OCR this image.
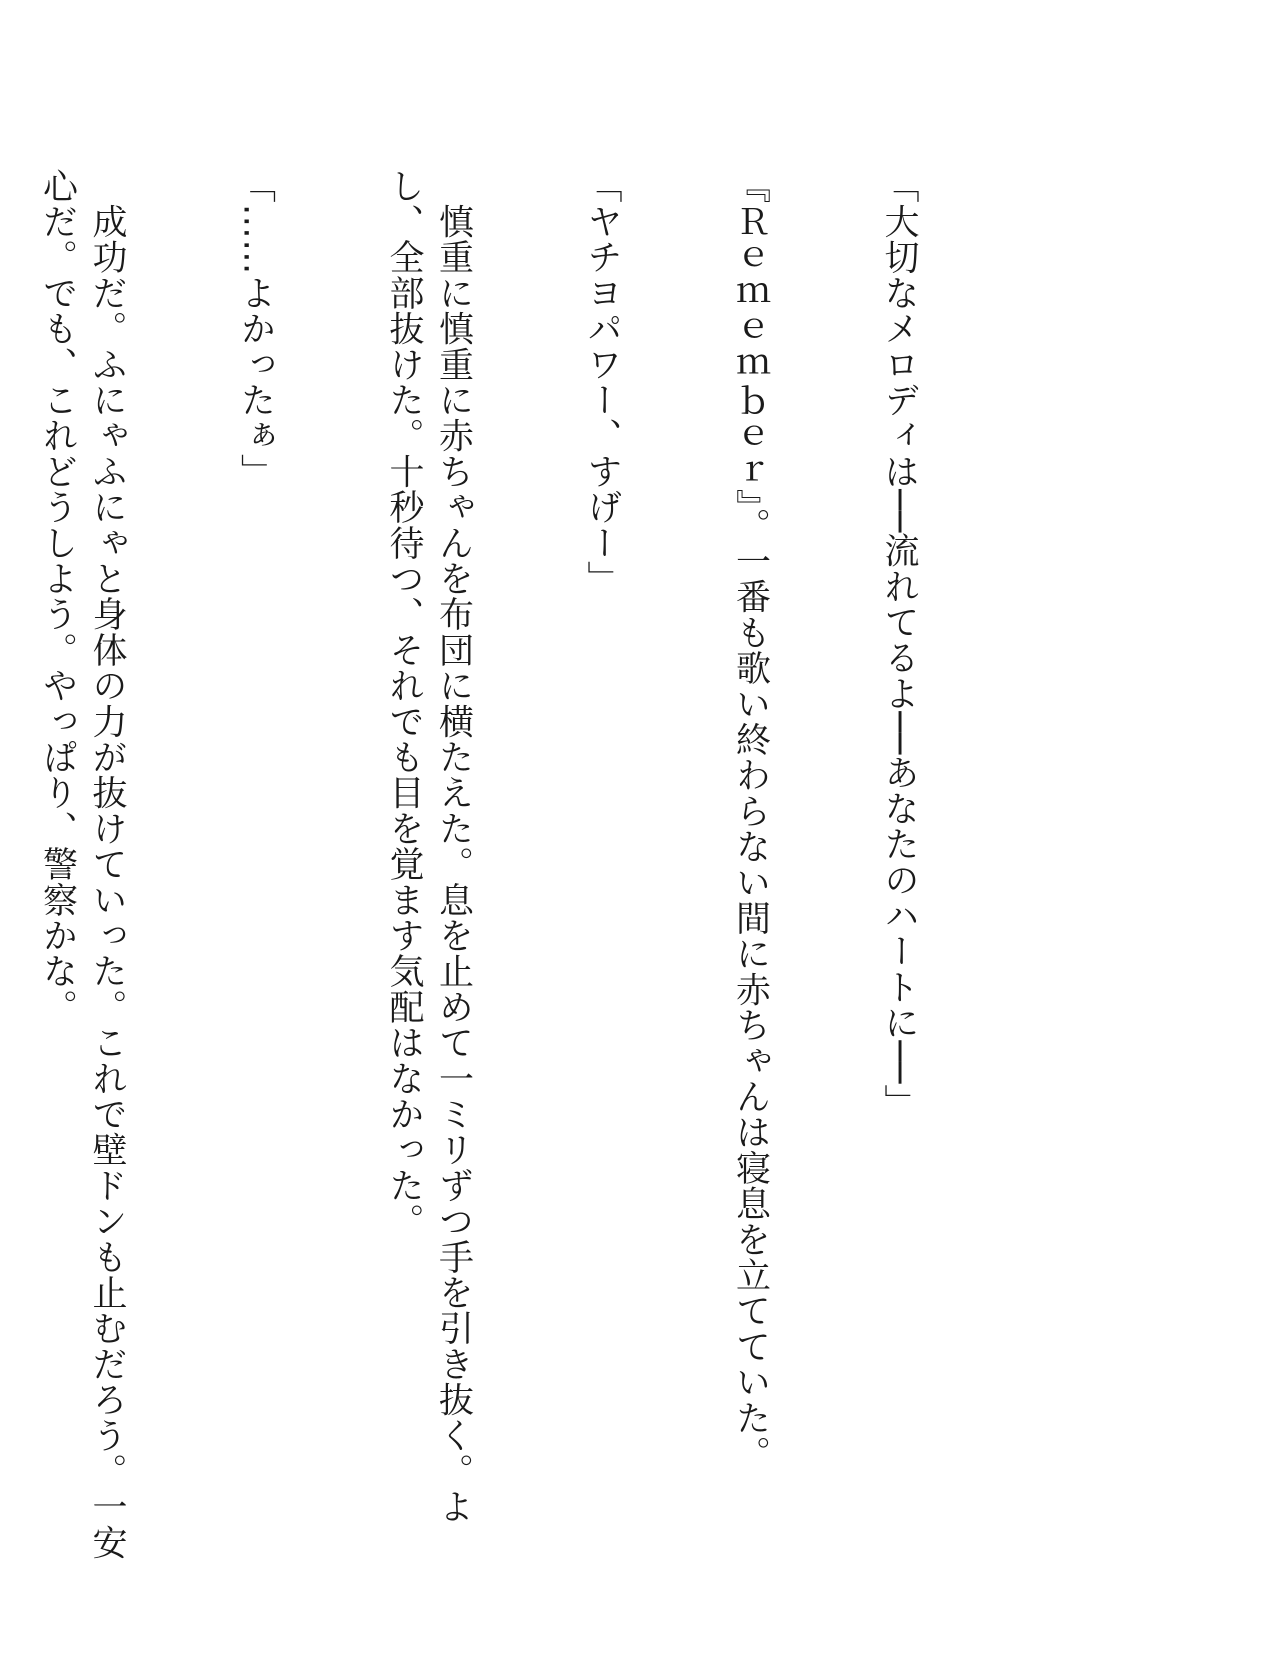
「大切なメロディは──流れてるよ──あなたのハートに──」

『Ｒｅｍｅｍｂｅｒ』。一番も歌い終わらない間に赤ちゃんは寝息を立てていた。

「ヤチヨパワー、すげー」

　慎重に慎重に赤ちゃんを布団に横たえた。息を止めて一ミリずつ手を引き抜く。よし、全部抜けた。十秒待つ、それでも目を覚ます気配はなかった。

「……よかったぁ」

　成功だ。ふにゃふにゃと身体の力が抜けていった。これで壁ドンも止むだろう。一安心だ。でも、これどうしよう。やっぱり、警察かな。
